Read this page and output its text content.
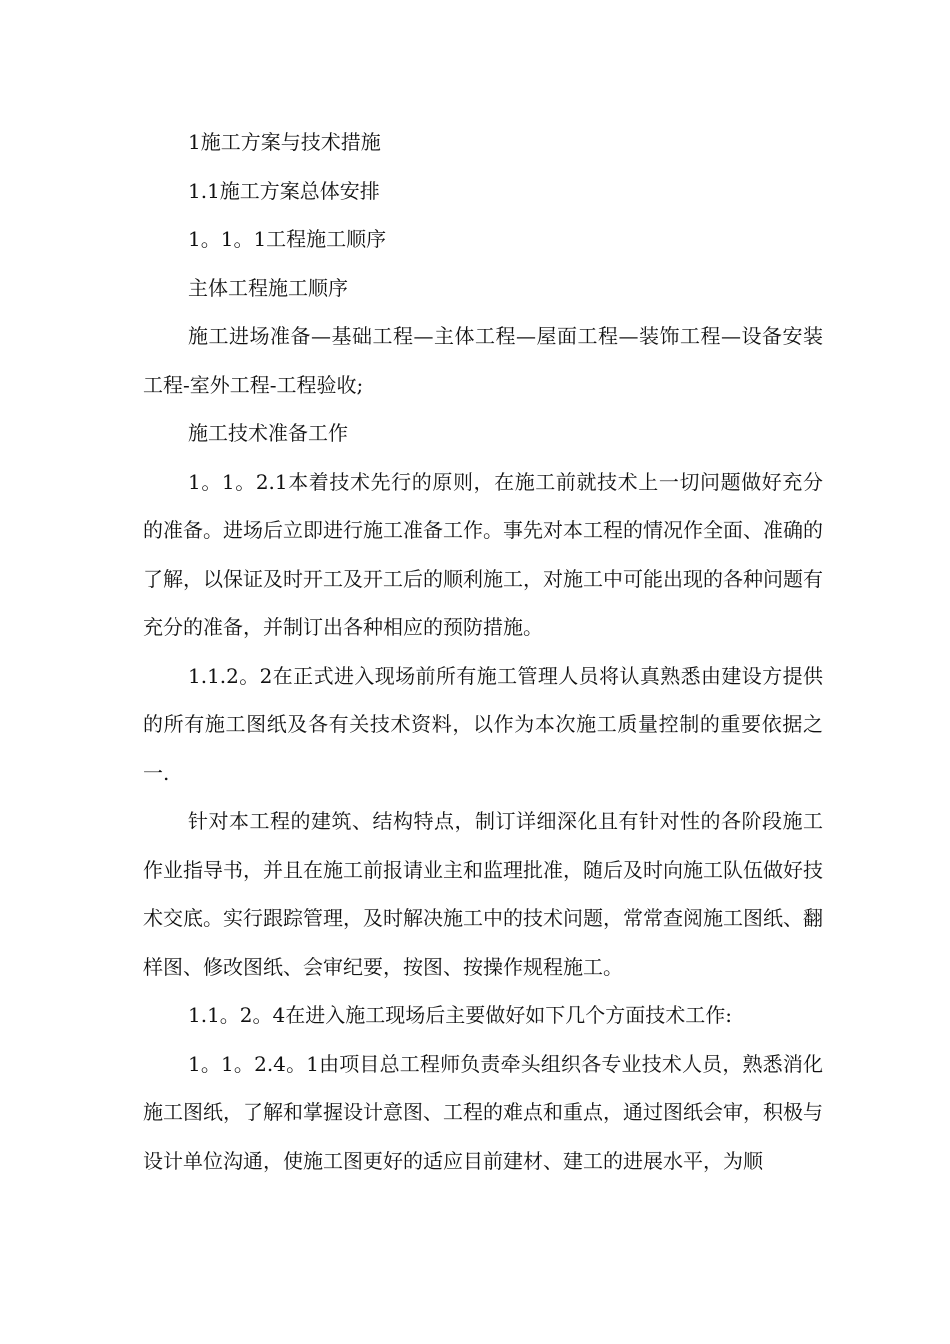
1施工方案与技术措施

1.1施工方案总体安排

1。1。1工程施工顺序

主体工程施工顺序

施工进场准备—基础工程—主体工程—屋面工程—装饰工程—设备安装工程-室外工程-工程验收;

施工技术准备工作

1。1。2.1本着技术先行的原则，在施工前就技术上一切问题做好充分的准备。进场后立即进行施工准备工作。事先对本工程的情况作全面、准确的了解，以保证及时开工及开工后的顺利施工，对施工中可能出现的各种问题有充分的准备，并制订出各种相应的预防措施。

1.1.2。2在正式进入现场前所有施工管理人员将认真熟悉由建设方提供的所有施工图纸及各有关技术资料，以作为本次施工质量控制的重要依据之一.

针对本工程的建筑、结构特点，制订详细深化且有针对性的各阶段施工作业指导书，并且在施工前报请业主和监理批准，随后及时向施工队伍做好技术交底。实行跟踪管理，及时解决施工中的技术问题，常常查阅施工图纸、翻样图、修改图纸、会审纪要，按图、按操作规程施工。

1.1。2。4在进入施工现场后主要做好如下几个方面技术工作:

1。1。2.4。1由项目总工程师负责牵头组织各专业技术人员，熟悉消化施工图纸，了解和掌握设计意图、工程的难点和重点，通过图纸会审，积极与设计单位沟通，使施工图更好的适应目前建材、建工的进展水平，为顺
